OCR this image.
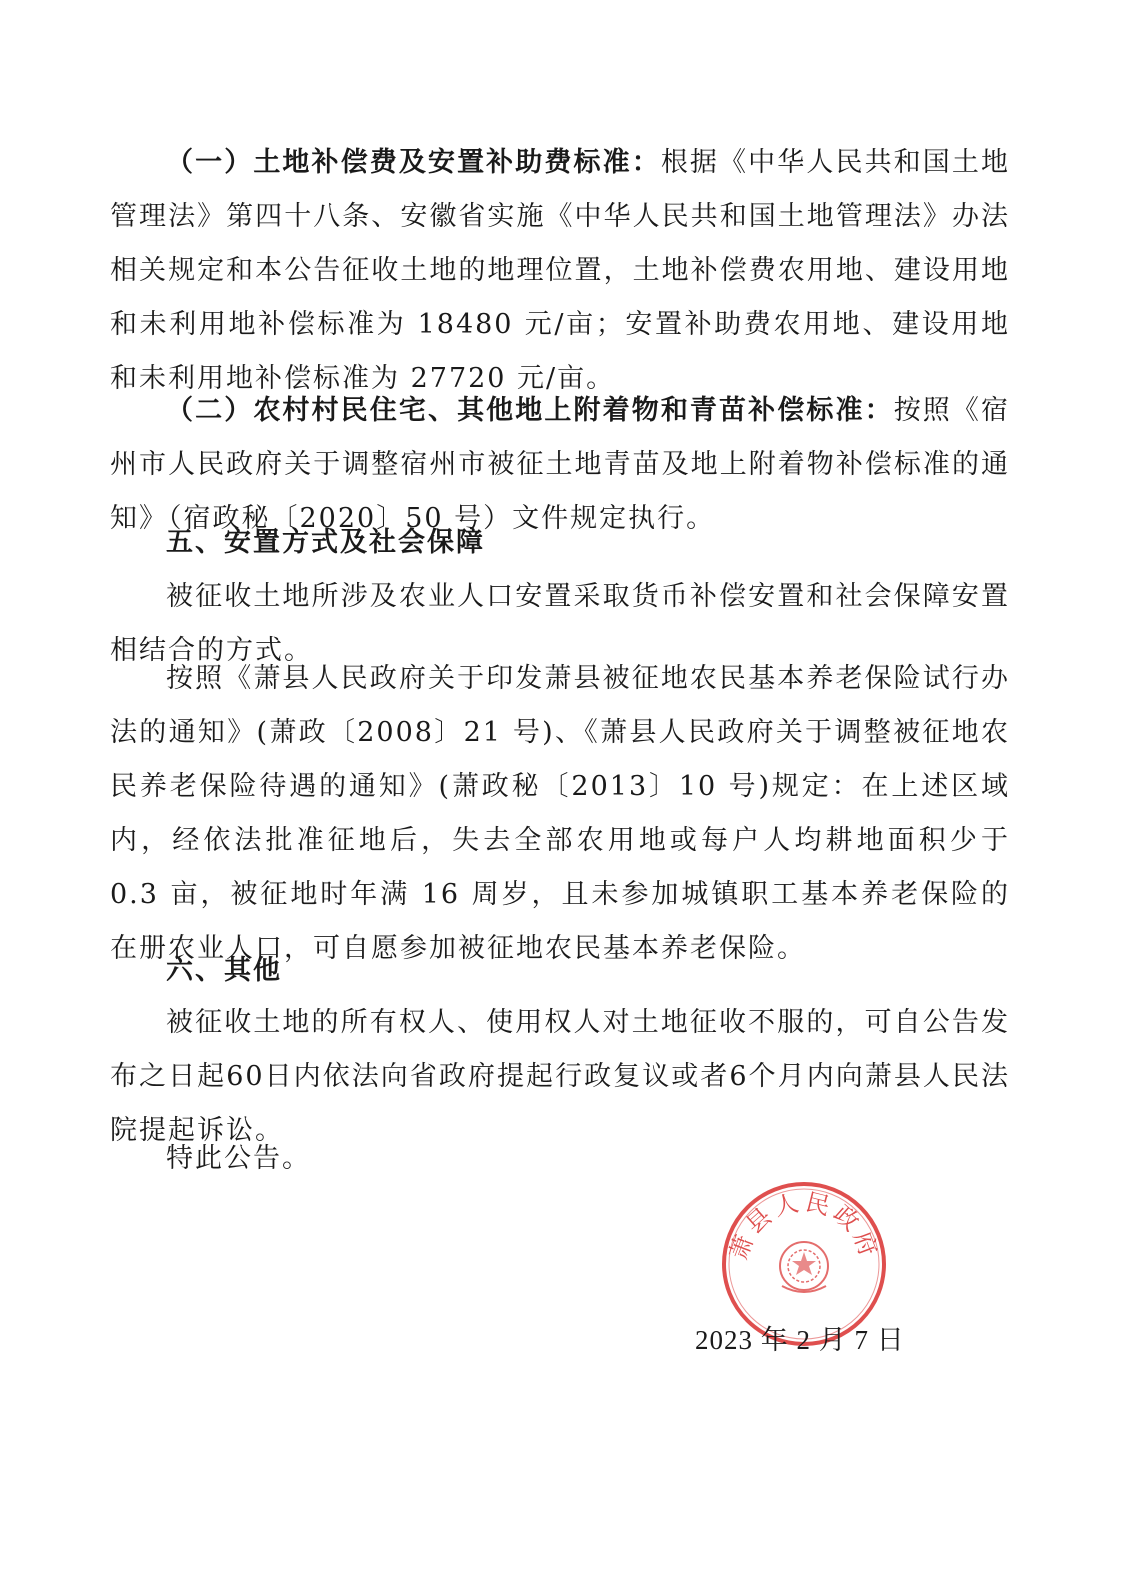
（一）土地补偿费及安置补助费标准：根据《中华人民共和国土地管理法》第四十八条、安徽省实施《中华人民共和国土地管理法》办法相关规定和本公告征收土地的地理位置，土地补偿费农用地、建设用地和未利用地补偿标准为 18480 元/亩；安置补助费农用地、建设用地和未利用地补偿标准为 27720 元/亩。

（二）农村村民住宅、其他地上附着物和青苗补偿标准：按照《宿州市人民政府关于调整宿州市被征土地青苗及地上附着物补偿标准的通知》（宿政秘〔2020〕50 号）文件规定执行。

五、安置方式及社会保障

被征收土地所涉及农业人口安置采取货币补偿安置和社会保障安置相结合的方式。

按照《萧县人民政府关于印发萧县被征地农民基本养老保险试行办法的通知》(萧政〔2008〕21 号)、《萧县人民政府关于调整被征地农民养老保险待遇的通知》(萧政秘〔2013〕10 号)规定：在上述区域内，经依法批准征地后，失去全部农用地或每户人均耕地面积少于 0.3 亩，被征地时年满 16 周岁，且未参加城镇职工基本养老保险的在册农业人口，可自愿参加被征地农民基本养老保险。

六、其他

被征收土地的所有权人、使用权人对土地征收不服的，可自公告发布之日起60日内依法向省政府提起行政复议或者6个月内向萧县人民法院提起诉讼。

特此公告。

萧县人民政府
2023 年 2 月 7 日
